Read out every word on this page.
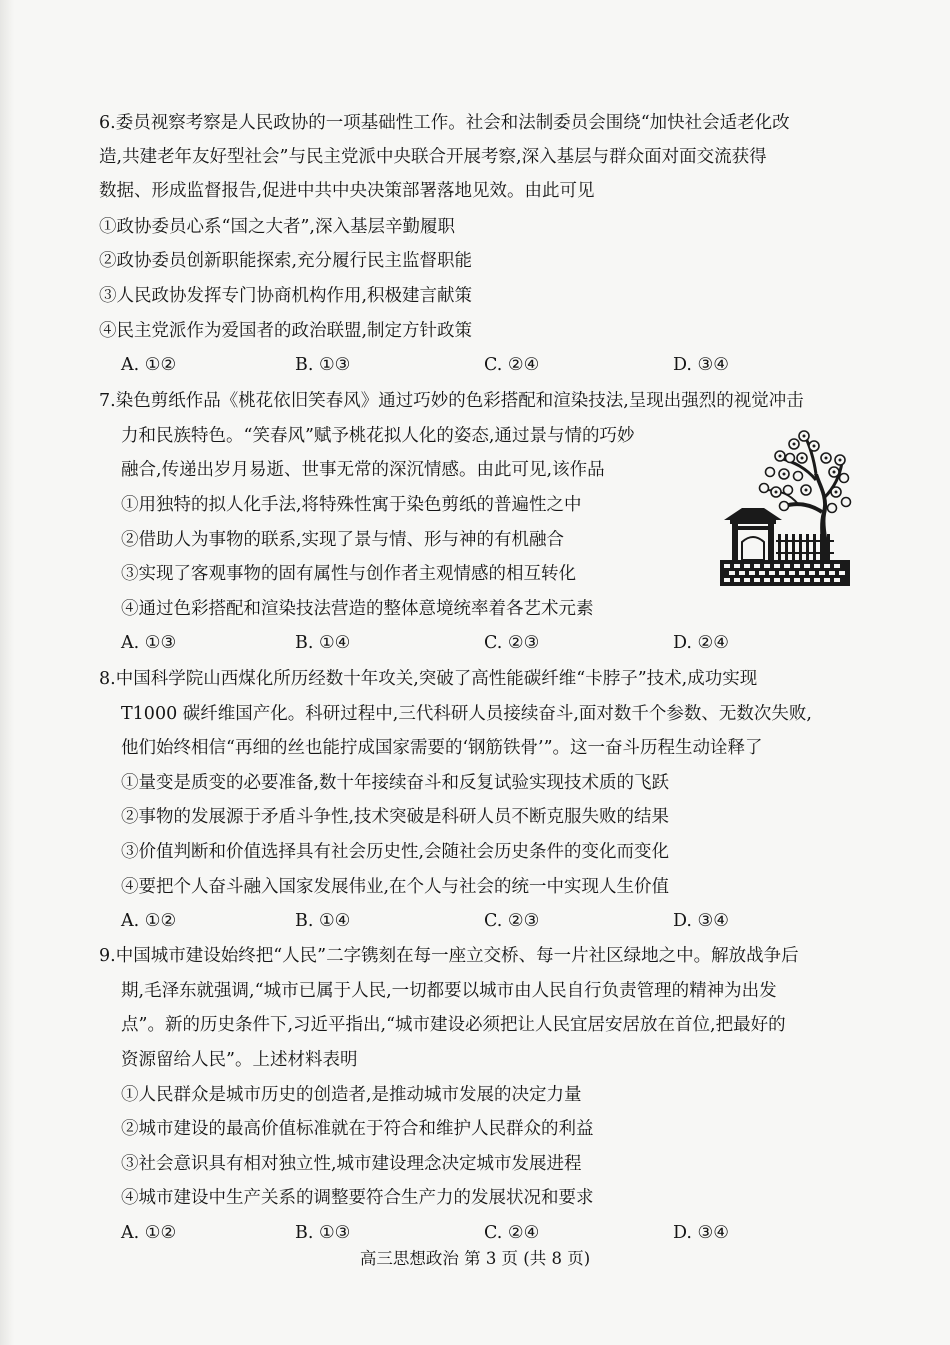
6.委员视察考察是人民政协的一项基础性工作。社会和法制委员会围绕“加快社会适老化改
造,共建老年友好型社会”与民主党派中央联合开展考察,深入基层与群众面对面交流获得
数据、形成监督报告,促进中共中央决策部署落地见效。由此可见
①政协委员心系“国之大者”,深入基层辛勤履职
②政协委员创新职能探索,充分履行民主监督职能
③人民政协发挥专门协商机构作用,积极建言献策
④民主党派作为爱国者的政治联盟,制定方针政策
A. ①②	B. ①③	C. ②④	D. ③④
7.染色剪纸作品《桃花依旧笑春风》通过巧妙的色彩搭配和渲染技法,呈现出强烈的视觉冲击
力和民族特色。“笑春风”赋予桃花拟人化的姿态,通过景与情的巧妙
融合,传递出岁月易逝、世事无常的深沉情感。由此可见,该作品
①用独特的拟人化手法,将特殊性寓于染色剪纸的普遍性之中
②借助人为事物的联系,实现了景与情、形与神的有机融合
③实现了客观事物的固有属性与创作者主观情感的相互转化
④通过色彩搭配和渲染技法营造的整体意境统率着各艺术元素
A. ①③	B. ①④	C. ②③	D. ②④
8.中国科学院山西煤化所历经数十年攻关,突破了高性能碳纤维“卡脖子”技术,成功实现
T1000 碳纤维国产化。科研过程中,三代科研人员接续奋斗,面对数千个参数、无数次失败,
他们始终相信“再细的丝也能拧成国家需要的‘钢筋铁骨’”。这一奋斗历程生动诠释了
①量变是质变的必要准备,数十年接续奋斗和反复试验实现技术质的飞跃
②事物的发展源于矛盾斗争性,技术突破是科研人员不断克服失败的结果
③价值判断和价值选择具有社会历史性,会随社会历史条件的变化而变化
④要把个人奋斗融入国家发展伟业,在个人与社会的统一中实现人生价值
A. ①②	B. ①④	C. ②③	D. ③④
9.中国城市建设始终把“人民”二字镌刻在每一座立交桥、每一片社区绿地之中。解放战争后
期,毛泽东就强调,“城市已属于人民,一切都要以城市由人民自行负责管理的精神为出发
点”。新的历史条件下,习近平指出,“城市建设必须把让人民宜居安居放在首位,把最好的
资源留给人民”。上述材料表明
①人民群众是城市历史的创造者,是推动城市发展的决定力量
②城市建设的最高价值标准就在于符合和维护人民群众的利益
③社会意识具有相对独立性,城市建设理念决定城市发展进程
④城市建设中生产关系的调整要符合生产力的发展状况和要求
A. ①②	B. ①③	C. ②④	D. ③④
高三思想政治 第 3 页 (共 8 页)
